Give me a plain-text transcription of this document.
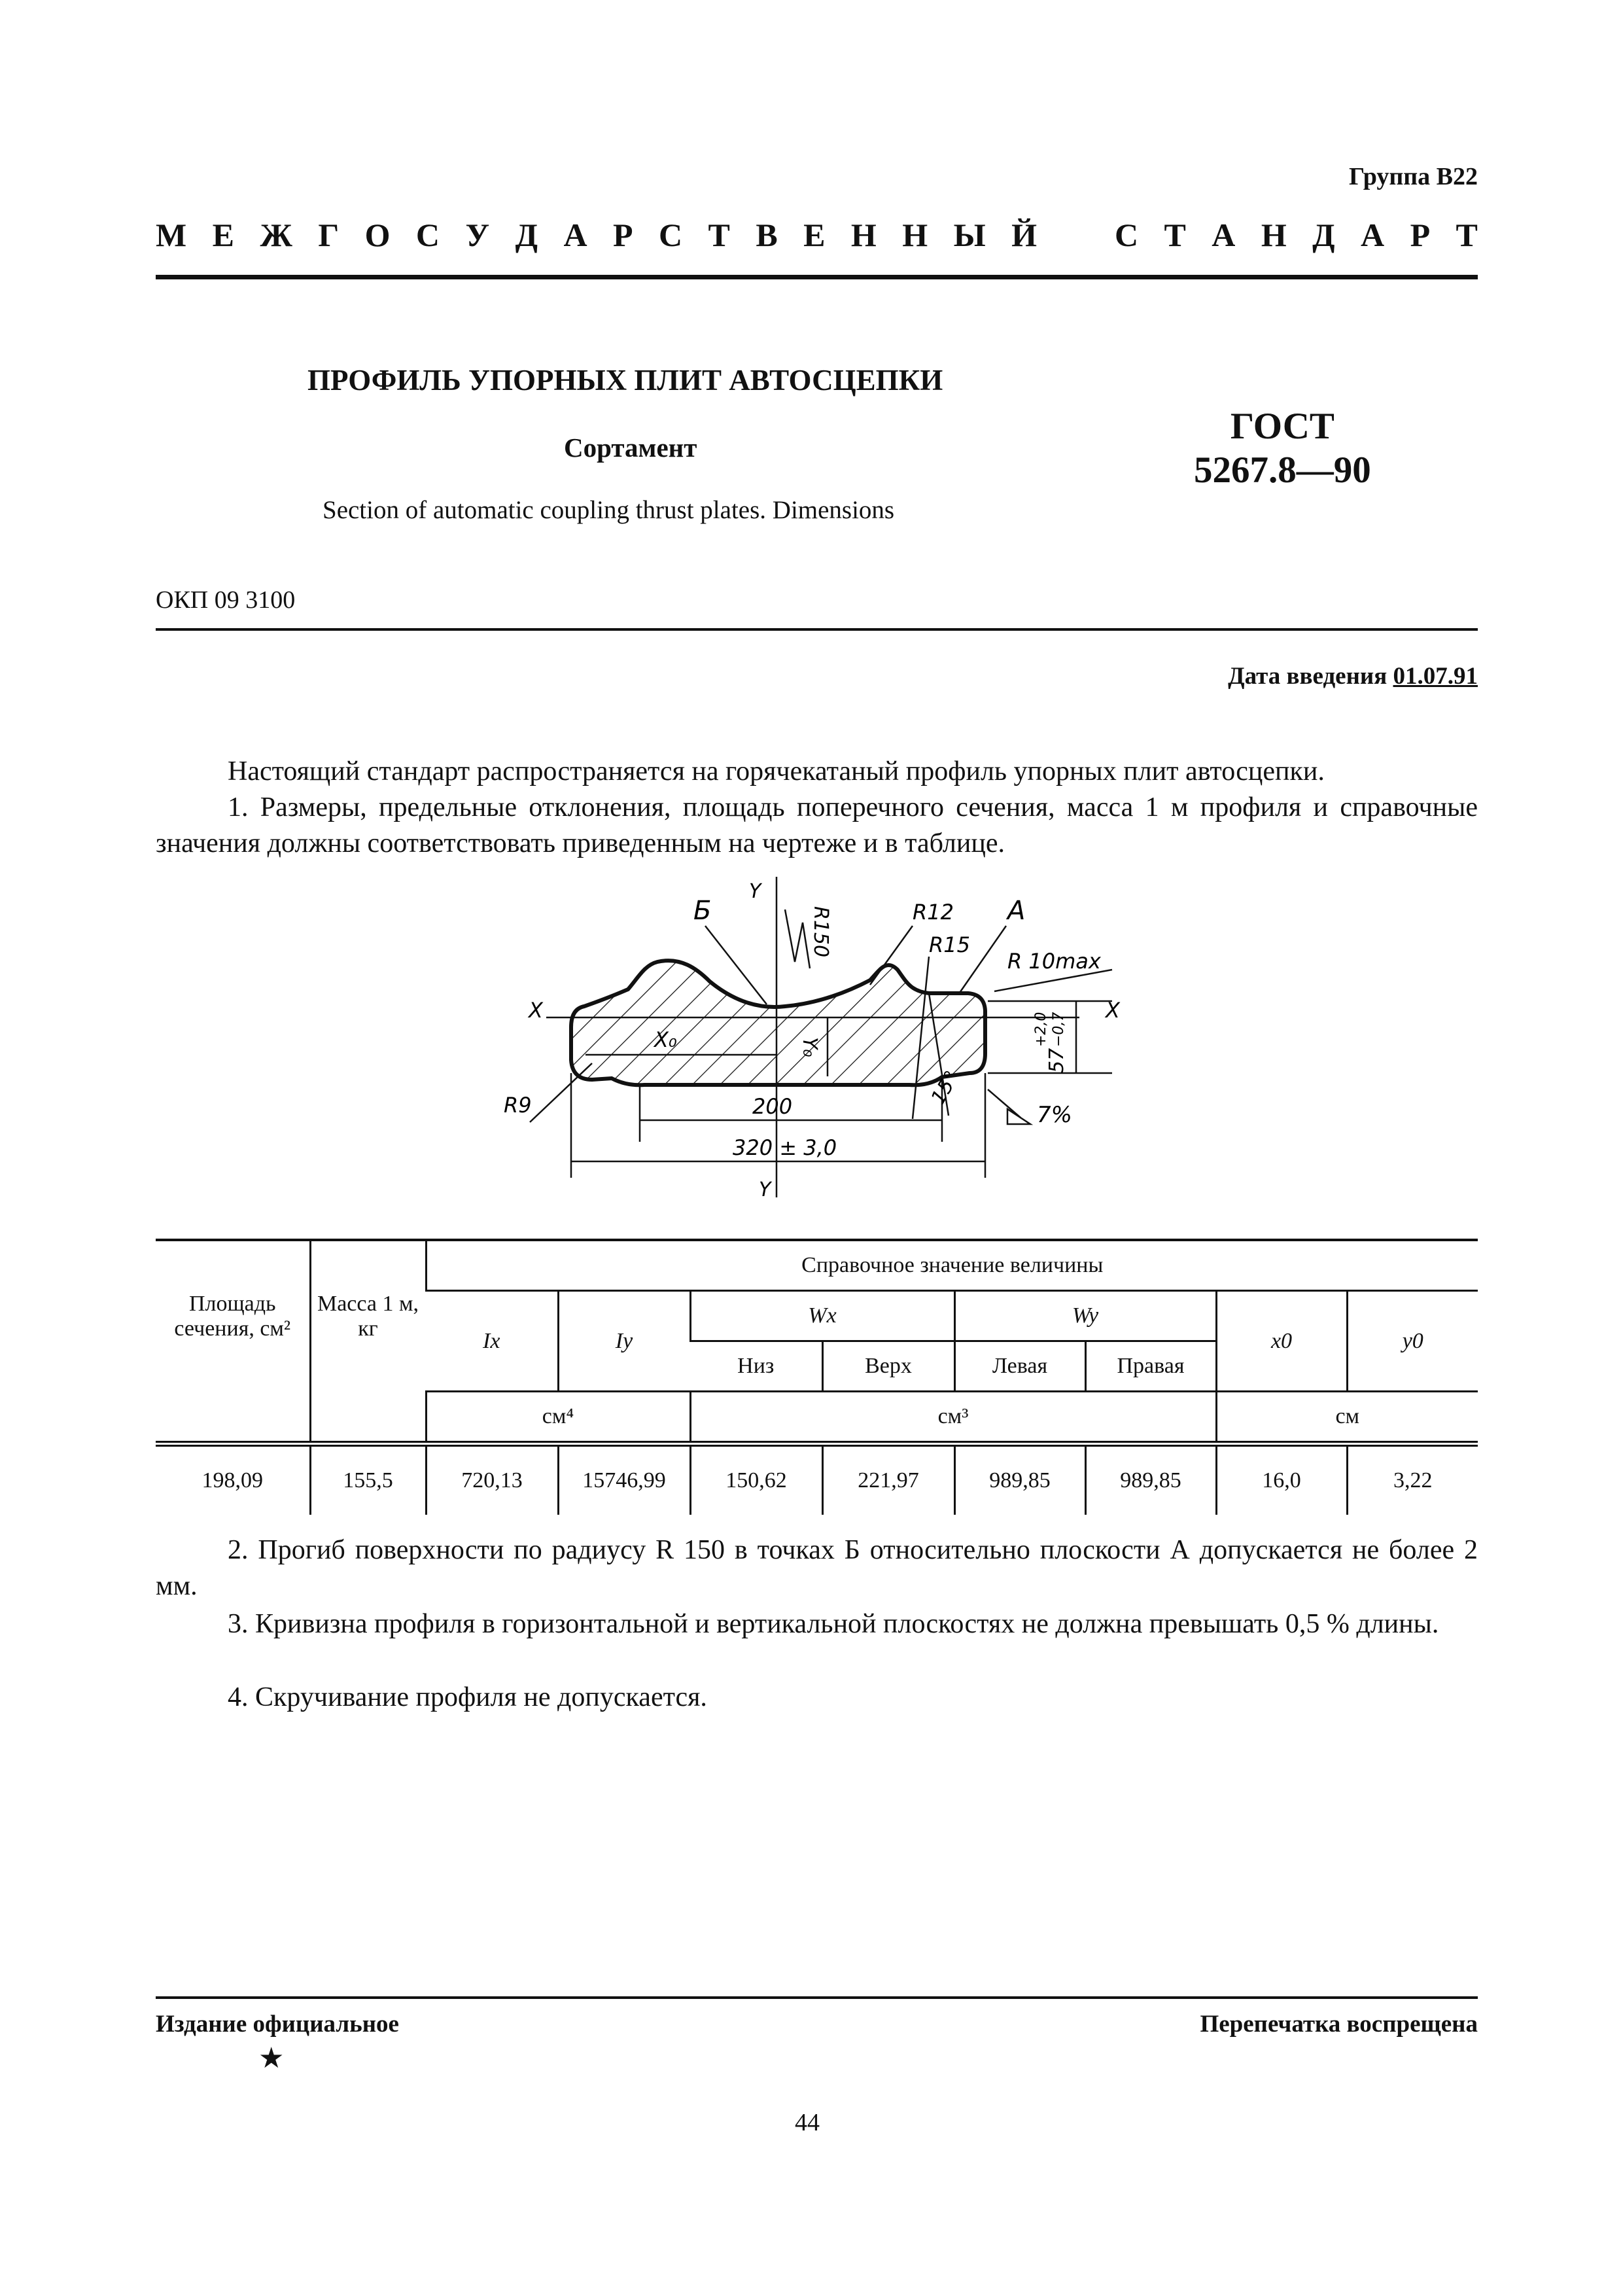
Группа В22
М Е Ж Г О С У Д А Р С Т В Е Н Н Ы Й С Т А Н Д А Р Т
ПРОФИЛЬ УПОРНЫХ ПЛИТ АВТОСЦЕПКИ
Сортамент
Section of automatic coupling thrust plates. Dimensions
ГОСТ
5267.8—90
ОКП 09 3100
Дата введения 01.07.91
Настоящий стандарт распространяется на горячекатаный профиль упорных плит автосцепки.
1. Размеры, предельные отклонения, площадь поперечного сечения, масса 1 м профиля и справочные значения должны соответствовать приведенным на чертеже и в таблице.
Б
Y
Y
R150	R12
R15
A
R 10max
X	X
X₀	Y₀
57
+2,0 −0,7
R9	200	15°
7%
320 ± 3,0
Площадь сечения, см²	Масса 1 м, кг	Справочное значение величины							
		Ix	Iy	Wx		Wy		x0	y0
				Низ	Верх	Левая	Правая		
		см⁴		см³				см	
198,09	155,5	720,13	15746,99	150,62	221,97	989,85	989,85	16,0	3,22
2. Прогиб поверхности по радиусу R 150 в точках Б относительно плоскости А допускается не более 2 мм.
3. Кривизна профиля в горизонтальной и вертикальной плоскостях не должна превышать 0,5 % длины.
4. Скручивание профиля не допускается.
Издание официальное	Перепечатка воспрещена
★
44
